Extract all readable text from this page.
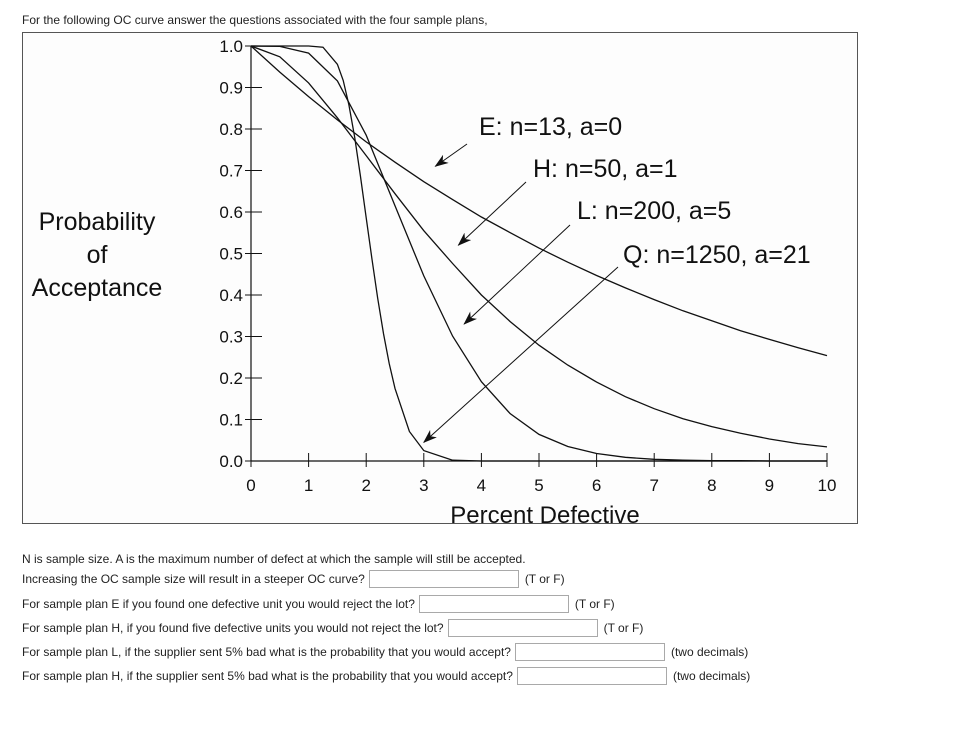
For the following OC curve answer the questions associated with the four sample plans,
0.0
0.1
0.2
0.3
0.4
0.5
0.6
0.7
0.8
0.9
1.0
0	1	2	3	4	5	6	7	8	9	10
Percent Defective
Probability
of
Acceptance
E: n=13, a=0
H: n=50, a=1
L: n=200, a=5
Q: n=1250, a=21
N is sample size. A is the maximum number of defect at which the sample will still be accepted.
Increasing the OC sample size will result in a steeper OC curve?	(T or F)
For sample plan E if you found one defective unit you would reject the lot?	(T or F)
For sample plan H, if you found five defective units you would not reject the lot?	(T or F)
For sample plan L, if the supplier sent 5% bad what is the probability that you would accept?	(two decimals)
For sample plan H, if the supplier sent 5% bad what is the probability that you would accept?	(two decimals)
